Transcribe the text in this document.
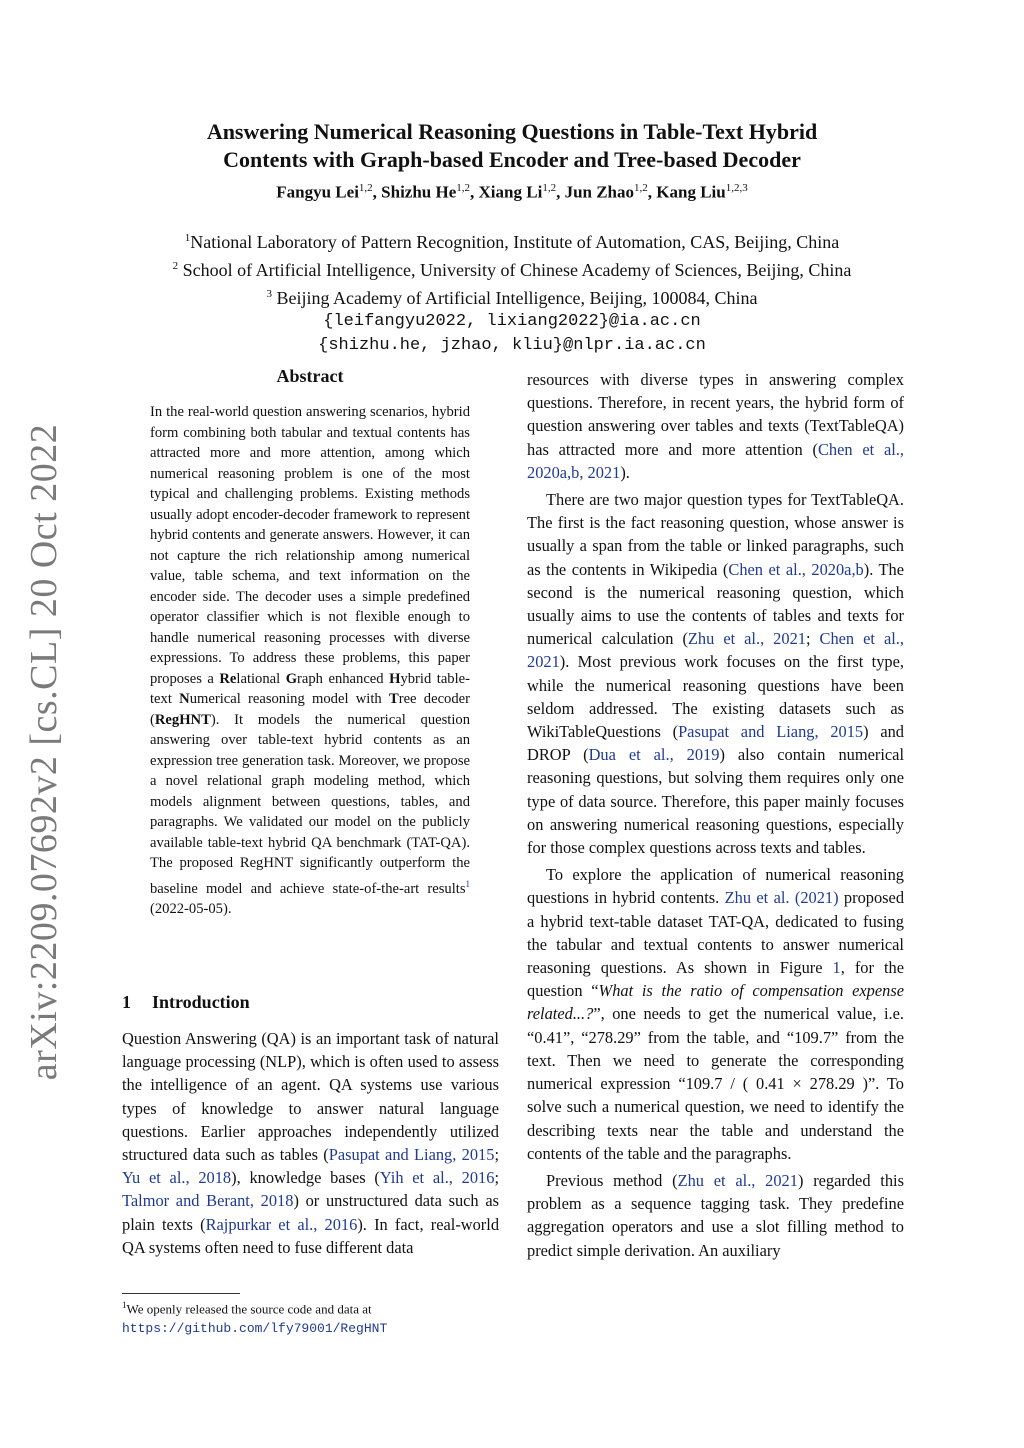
arXiv:2209.07692v2 [cs.CL] 20 Oct 2022
Answering Numerical Reasoning Questions in Table-Text Hybrid
Contents with Graph-based Encoder and Tree-based Decoder

Fangyu Lei$^{1,2}$, Shizhu He$^{1,2}$, Xiang Li$^{1,2}$, Jun Zhao$^{1,2}$, Kang Liu$^{1,2,3}$

$^1$National Laboratory of Pattern Recognition, Institute of Automation, CAS, Beijing, China
$^2$ School of Artificial Intelligence, University of Chinese Academy of Sciences, Beijing, China
$^3$ Beijing Academy of Artificial Intelligence, Beijing, 100084, China
{leifangyu2022, lixiang2022}@ia.ac.cn
{shizhu.he, jzhao, kliu}@nlpr.ia.ac.cn
Abstract

In the real-world question answering scenarios, hybrid form combining both tabular and textual contents has attracted more and more attention, among which numerical reasoning problem is one of the most typical and challenging problems. Existing methods usually adopt encoder-decoder framework to represent hybrid contents and generate answers. However, it can not capture the rich relationship among numerical value, table schema, and text information on the encoder side. The decoder uses a simple predefined operator classifier which is not flexible enough to handle numerical reasoning processes with diverse expressions. To address these problems, this paper proposes a Relational Graph enhanced Hybrid table-text Numerical reasoning model with Tree decoder (RegHNT). It models the numerical question answering over table-text hybrid contents as an expression tree generation task. Moreover, we propose a novel relational graph modeling method, which models alignment between questions, tables, and paragraphs. We validated our model on the publicly available table-text hybrid QA benchmark (TAT-QA). The proposed RegHNT significantly outperform the baseline model and achieve state-of-the-art results$^1$ (2022-05-05).

1 Introduction

Question Answering (QA) is an important task of natural language processing (NLP), which is often used to assess the intelligence of an agent. QA systems use various types of knowledge to answer natural language questions. Earlier approaches independently utilized structured data such as tables (Pasupat and Liang, 2015; Yu et al., 2018), knowledge bases (Yih et al., 2016; Talmor and Berant, 2018) or unstructured data such as plain texts (Rajpurkar et al., 2016). In fact, real-world QA systems often need to fuse different data

$^1$We openly released the source code and data at https://github.com/lfy79001/RegHNT

resources with diverse types in answering complex questions. Therefore, in recent years, the hybrid form of question answering over tables and texts (TextTableQA) has attracted more and more attention (Chen et al., 2020a,b, 2021).

There are two major question types for TextTableQA. The first is the fact reasoning question, whose answer is usually a span from the table or linked paragraphs, such as the contents in Wikipedia (Chen et al., 2020a,b). The second is the numerical reasoning question, which usually aims to use the contents of tables and texts for numerical calculation (Zhu et al., 2021; Chen et al., 2021). Most previous work focuses on the first type, while the numerical reasoning questions have been seldom addressed. The existing datasets such as WikiTableQuestions (Pasupat and Liang, 2015) and DROP (Dua et al., 2019) also contain numerical reasoning questions, but solving them requires only one type of data source. Therefore, this paper mainly focuses on answering numerical reasoning questions, especially for those complex questions across texts and tables.

To explore the application of numerical reasoning questions in hybrid contents. Zhu et al. (2021) proposed a hybrid text-table dataset TAT-QA, dedicated to fusing the tabular and textual contents to answer numerical reasoning questions. As shown in Figure 1, for the question “What is the ratio of compensation expense related...?”, one needs to get the numerical value, i.e. “0.41”, “278.29” from the table, and “109.7” from the text. Then we need to generate the corresponding numerical expression “109.7 / ( 0.41 × 278.29 )”. To solve such a numerical question, we need to identify the describing texts near the table and understand the contents of the table and the paragraphs.

Previous method (Zhu et al., 2021) regarded this problem as a sequence tagging task. They predefine aggregation operators and use a slot filling method to predict simple derivation. An auxiliary
